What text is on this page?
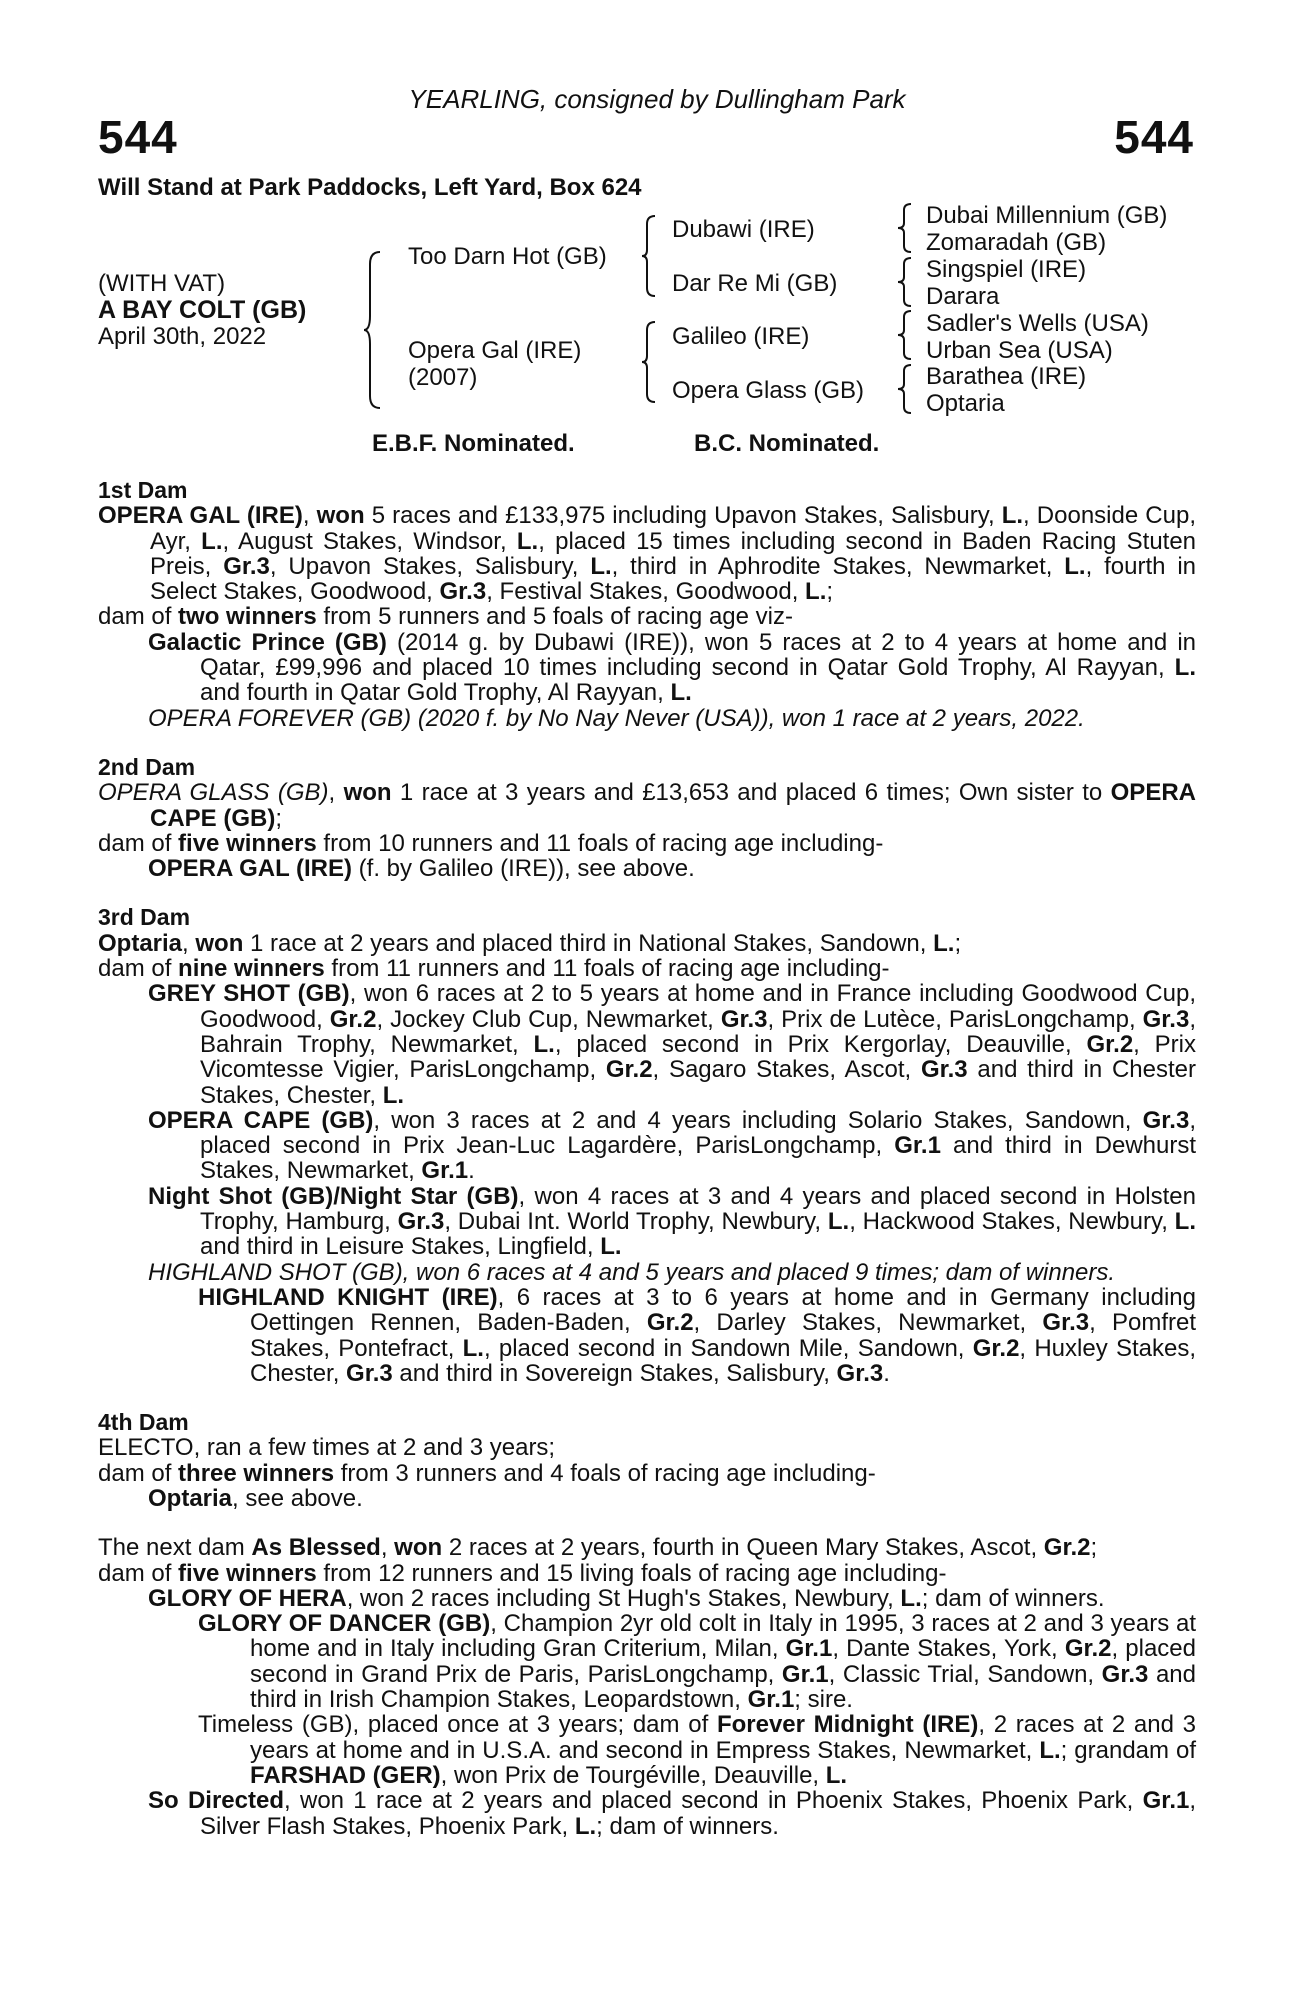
YEARLING, consigned by Dullingham Park
544	544
Will Stand at Park Paddocks, Left Yard, Box 624
(WITH VAT)
A BAY COLT (GB)
April 30th, 2022
Too Darn Hot (GB)
Opera Gal (IRE)
(2007)
Dubawi (IRE)
Dar Re Mi (GB)
Galileo (IRE)
Opera Glass (GB)
Dubai Millennium (GB)
Zomaradah (GB)
Singspiel (IRE)
Darara
Sadler's Wells (USA)
Urban Sea (USA)
Barathea (IRE)
Optaria
E.B.F. Nominated.	B.C. Nominated.

1st Dam

OPERA GAL (IRE), won 5 races and £133,975 including Upavon Stakes, Salisbury, L., Doonside Cup, Ayr, L., August Stakes, Windsor, L., placed 15 times including second in Baden Racing Stuten Preis, Gr.3, Upavon Stakes, Salisbury, L., third in Aphrodite Stakes, Newmarket, L., fourth in Select Stakes, Goodwood, Gr.3, Festival Stakes, Goodwood, L.;

dam of two winners from 5 runners and 5 foals of racing age viz-

Galactic Prince (GB) (2014 g. by Dubawi (IRE)), won 5 races at 2 to 4 years at home and in Qatar, £99,996 and placed 10 times including second in Qatar Gold Trophy, Al Rayyan, L. and fourth in Qatar Gold Trophy, Al Rayyan, L.

OPERA FOREVER (GB) (2020 f. by No Nay Never (USA)), won 1 race at 2 years, 2022.

2nd Dam

OPERA GLASS (GB), won 1 race at 3 years and £13,653 and placed 6 times; Own sister to OPERA CAPE (GB);

dam of five winners from 10 runners and 11 foals of racing age including-

OPERA GAL (IRE) (f. by Galileo (IRE)), see above.

3rd Dam

Optaria, won 1 race at 2 years and placed third in National Stakes, Sandown, L.;

dam of nine winners from 11 runners and 11 foals of racing age including-

GREY SHOT (GB), won 6 races at 2 to 5 years at home and in France including Goodwood Cup, Goodwood, Gr.2, Jockey Club Cup, Newmarket, Gr.3, Prix de Lutèce, ParisLongchamp, Gr.3, Bahrain Trophy, Newmarket, L., placed second in Prix Kergorlay, Deauville, Gr.2, Prix Vicomtesse Vigier, ParisLongchamp, Gr.2, Sagaro Stakes, Ascot, Gr.3 and third in Chester Stakes, Chester, L.

OPERA CAPE (GB), won 3 races at 2 and 4 years including Solario Stakes, Sandown, Gr.3, placed second in Prix Jean-Luc Lagardère, ParisLongchamp, Gr.1 and third in Dewhurst Stakes, Newmarket, Gr.1.

Night Shot (GB)/Night Star (GB), won 4 races at 3 and 4 years and placed second in Holsten Trophy, Hamburg, Gr.3, Dubai Int. World Trophy, Newbury, L., Hackwood Stakes, Newbury, L. and third in Leisure Stakes, Lingfield, L.

HIGHLAND SHOT (GB), won 6 races at 4 and 5 years and placed 9 times; dam of winners.

HIGHLAND KNIGHT (IRE), 6 races at 3 to 6 years at home and in Germany including Oettingen Rennen, Baden-Baden, Gr.2, Darley Stakes, Newmarket, Gr.3, Pomfret Stakes, Pontefract, L., placed second in Sandown Mile, Sandown, Gr.2, Huxley Stakes, Chester, Gr.3 and third in Sovereign Stakes, Salisbury, Gr.3.

4th Dam

ELECTO, ran a few times at 2 and 3 years;

dam of three winners from 3 runners and 4 foals of racing age including-

Optaria, see above.

The next dam As Blessed, won 2 races at 2 years, fourth in Queen Mary Stakes, Ascot, Gr.2;

dam of five winners from 12 runners and 15 living foals of racing age including-

GLORY OF HERA, won 2 races including St Hugh's Stakes, Newbury, L.; dam of winners.

GLORY OF DANCER (GB), Champion 2yr old colt in Italy in 1995, 3 races at 2 and 3 years at home and in Italy including Gran Criterium, Milan, Gr.1, Dante Stakes, York, Gr.2, placed second in Grand Prix de Paris, ParisLongchamp, Gr.1, Classic Trial, Sandown, Gr.3 and third in Irish Champion Stakes, Leopardstown, Gr.1; sire.

Timeless (GB), placed once at 3 years; dam of Forever Midnight (IRE), 2 races at 2 and 3 years at home and in U.S.A. and second in Empress Stakes, Newmarket, L.; grandam of FARSHAD (GER), won Prix de Tourgéville, Deauville, L.

So Directed, won 1 race at 2 years and placed second in Phoenix Stakes, Phoenix Park, Gr.1, Silver Flash Stakes, Phoenix Park, L.; dam of winners.
